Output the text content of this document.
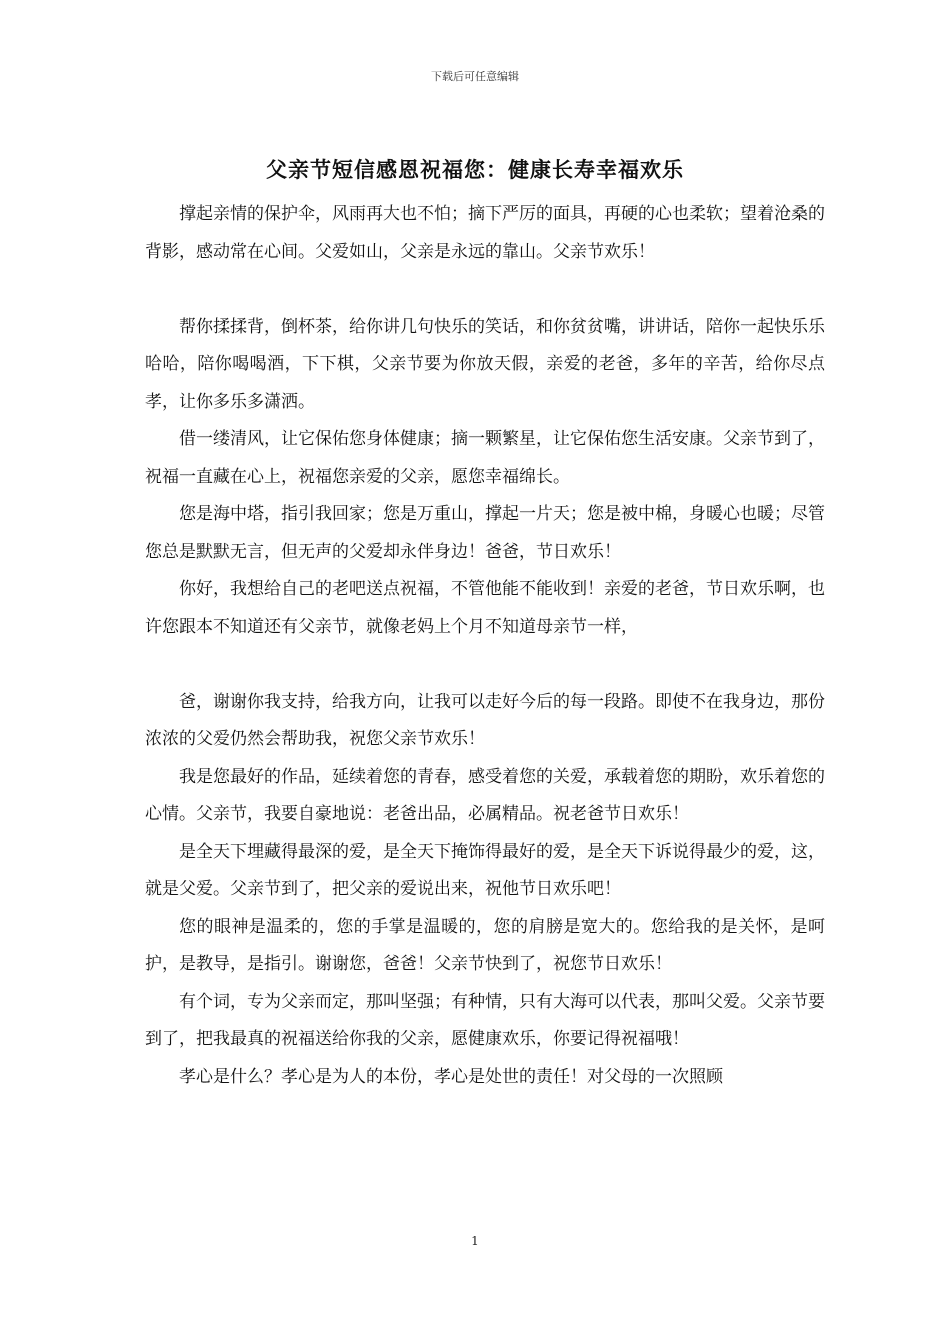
下载后可任意编辑
父亲节短信感恩祝福您：健康长寿幸福欢乐

撑起亲情的保护伞，风雨再大也不怕；摘下严厉的面具，再硬的心也柔软；望着沧桑的背影，感动常在心间。父爱如山，父亲是永远的靠山。父亲节欢乐！

帮你揉揉背，倒杯茶，给你讲几句快乐的笑话，和你贫贫嘴，讲讲话，陪你一起快乐乐哈哈，陪你喝喝酒，下下棋，父亲节要为你放天假，亲爱的老爸，多年的辛苦，给你尽点孝，让你多乐多潇洒。

借一缕清风，让它保佑您身体健康；摘一颗繁星，让它保佑您生活安康。父亲节到了，祝福一直藏在心上，祝福您亲爱的父亲，愿您幸福绵长。

您是海中塔，指引我回家；您是万重山，撑起一片天；您是被中棉，身暖心也暖；尽管您总是默默无言，但无声的父爱却永伴身边！爸爸，节日欢乐！

你好，我想给自己的老吧送点祝福，不管他能不能收到！亲爱的老爸，节日欢乐啊，也许您跟本不知道还有父亲节，就像老妈上个月不知道母亲节一样，

爸，谢谢你我支持，给我方向，让我可以走好今后的每一段路。即使不在我身边，那份浓浓的父爱仍然会帮助我，祝您父亲节欢乐！

我是您最好的作品，延续着您的青春，感受着您的关爱，承载着您的期盼，欢乐着您的心情。父亲节，我要自豪地说：老爸出品，必属精品。祝老爸节日欢乐！

是全天下埋藏得最深的爱，是全天下掩饰得最好的爱，是全天下诉说得最少的爱，这，就是父爱。父亲节到了，把父亲的爱说出来，祝他节日欢乐吧！

您的眼神是温柔的，您的手掌是温暖的，您的肩膀是宽大的。您给我的是关怀，是呵护，是教导，是指引。谢谢您，爸爸！父亲节快到了，祝您节日欢乐！

有个词，专为父亲而定，那叫坚强；有种情，只有大海可以代表，那叫父爱。父亲节要到了，把我最真的祝福送给你我的父亲，愿健康欢乐，你要记得祝福哦！

孝心是什么？孝心是为人的本份，孝心是处世的责任！对父母的一次照顾

1
